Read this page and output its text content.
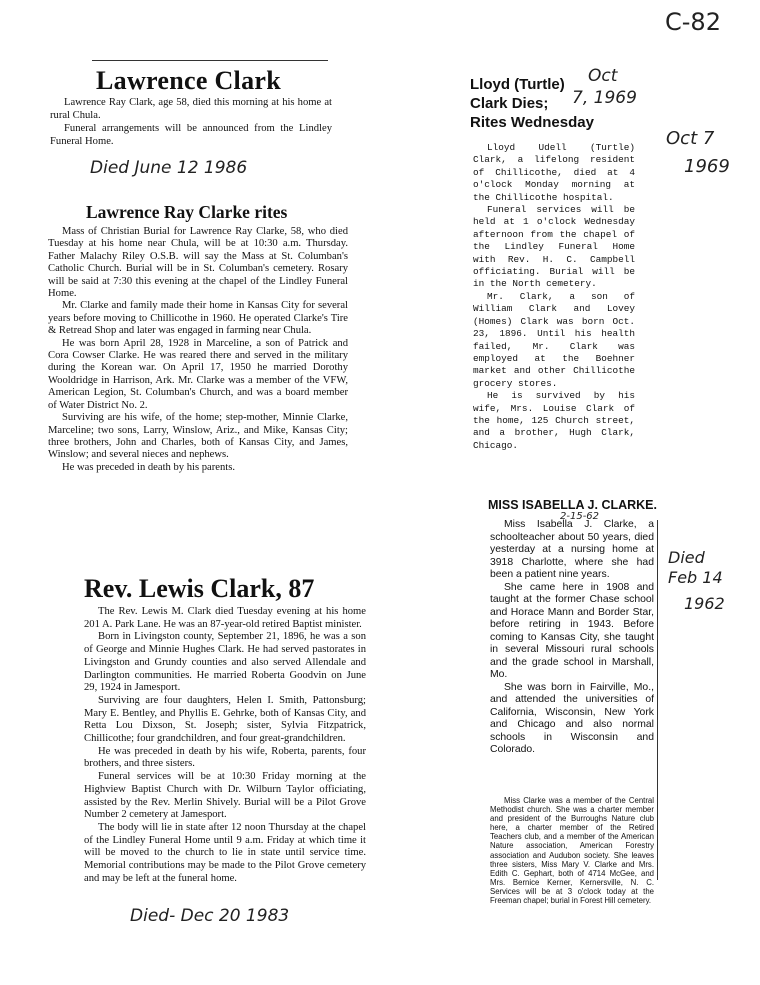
C-82
Lawrence Clark

Lawrence Ray Clark, age 58, died this morning at his home at rural Chula.

Funeral arrangements will be announced from the Lindley Funeral Home.

Died June 12 1986
Lawrence Ray Clarke rites

Mass of Christian Burial for Lawrence Ray Clarke, 58, who died Tuesday at his home near Chula, will be at 10:30 a.m. Thursday. Father Malachy Riley O.S.B. will say the Mass at St. Columban's Catholic Church. Burial will be in St. Columban's cemetery. Rosary will be said at 7:30 this evening at the chapel of the Lindley Funeral Home.

Mr. Clarke and family made their home in Kansas City for several years before moving to Chillicothe in 1960. He operated Clarke's Tire & Retread Shop and later was engaged in farming near Chula.

He was born April 28, 1928 in Marceline, a son of Patrick and Cora Cowser Clarke. He was reared there and served in the military during the Korean war. On April 17, 1950 he married Dorothy Wooldridge in Harrison, Ark. Mr. Clarke was a member of the VFW, American Legion, St. Columban's Church, and was a board member of Water District No. 2.

Surviving are his wife, of the home; step-mother, Minnie Clarke, Marceline; two sons, Larry, Winslow, Ariz., and Mike, Kansas City; three brothers, John and Charles, both of Kansas City, and James, Winslow; and several nieces and nephews.

He was preceded in death by his parents.

Rev. Lewis Clark, 87

The Rev. Lewis M. Clark died Tuesday evening at his home 201 A. Park Lane. He was an 87-year-old retired Baptist minister.

Born in Livingston county, September 21, 1896, he was a son of George and Minnie Hughes Clark. He had served pastorates in Livingston and Grundy counties and also served Allendale and Darlington communities. He married Roberta Goodvin on June 29, 1924 in Jamesport.

Surviving are four daughters, Helen I. Smith, Pattonsburg; Mary E. Bentley, and Phyllis E. Gehrke, both of Kansas City, and Retta Lou Dixson, St. Joseph; sister, Sylvia Fitzpatrick, Chillicothe; four grandchildren, and four great-grandchildren.

He was preceded in death by his wife, Roberta, parents, four brothers, and three sisters.

Funeral services will be at 10:30 Friday morning at the Highview Baptist Church with Dr. Wilburn Taylor officiating, assisted by the Rev. Merlin Shively. Burial will be a Pilot Grove Number 2 cemetery at Jamesport.

The body will lie in state after 12 noon Thursday at the chapel of the Lindley Funeral Home until 9 a.m. Friday at which time it will be moved to the church to lie in state until service time. Memorial contributions may be made to the Pilot Grove cemetery and may be left at the funeral home.

Died- Dec 20 1983
Lloyd (Turtle)
Clark Dies;
Rites Wednesday
Oct
7, 1969

Lloyd Udell (Turtle) Clark, a lifelong resident of Chillicothe, died at 4 o'clock Monday morning at the Chillicothe hospital.

Funeral services will be held at 1 o'clock Wednesday afternoon from the chapel of the Lindley Funeral Home with Rev. H. C. Campbell officiating. Burial will be in the North cemetery.

Mr. Clark, a son of William Clark and Lovey (Homes) Clark was born Oct. 23, 1896. Until his health failed, Mr. Clark was employed at the Boehner market and other Chillicothe grocery stores.

He is survived by his wife, Mrs. Louise Clark of the home, 125 Church street, and a brother, Hugh Clark, Chicago.

Oct 7
1969
MISS ISABELLA J. CLARKE.
2-15-62

Miss Isabella J. Clarke, a schoolteacher about 50 years, died yesterday at a nursing home at 3918 Charlotte, where she had been a patient nine years.

She came here in 1908 and taught at the former Chase school and Horace Mann and Border Star, before retiring in 1943. Before coming to Kansas City, she taught in several Missouri rural schools and the grade school in Marshall, Mo.

She was born in Fairville, Mo., and attended the universities of California, Wisconsin, New York and Chicago and also normal schools in Wisconsin and Colorado.

Miss Clarke was a member of the Central Methodist church. She was a charter member and president of the Burroughs Nature club here, a charter member of the Retired Teachers club, and a member of the American Nature association, American Forestry association and Audubon society. She leaves three sisters, Miss Mary V. Clarke and Mrs. Edith C. Gephart, both of 4714 McGee, and Mrs. Bernice Kerner, Kernersville, N. C. Services will be at 3 o'clock today at the Freeman chapel; burial in Forest Hill cemetery.

Died
Feb 14
1962
